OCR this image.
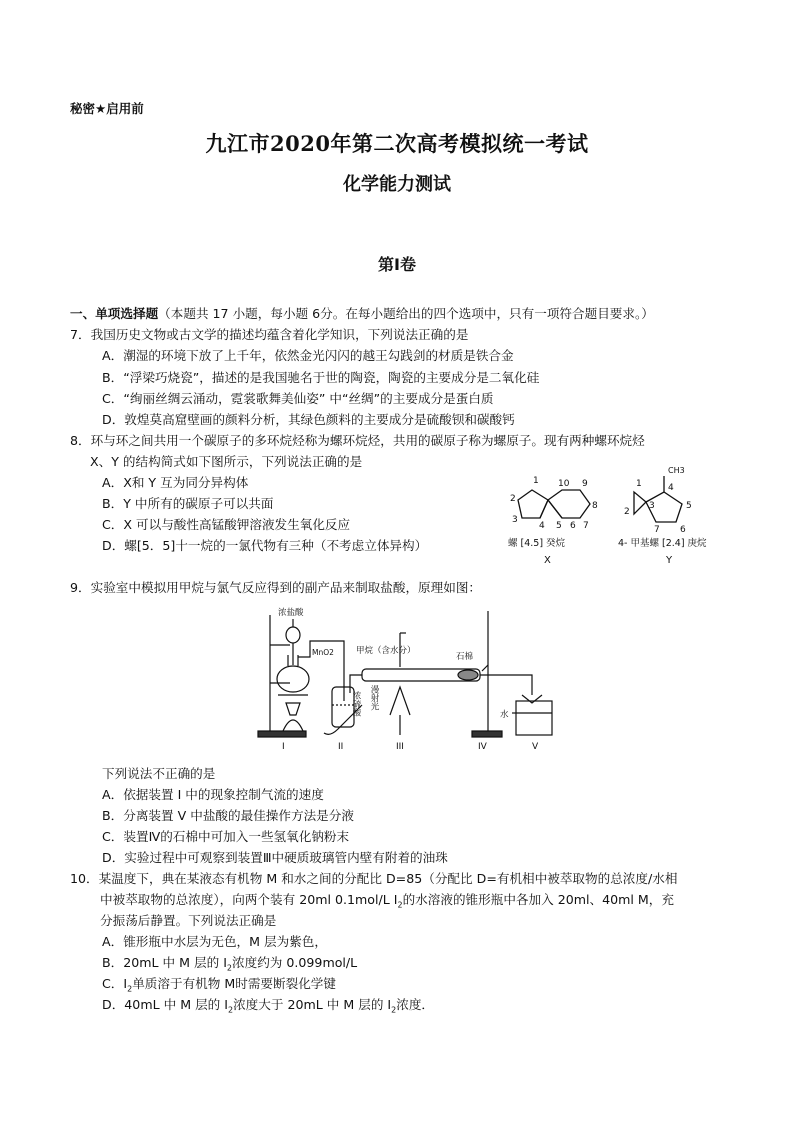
秘密★启用前
九江市2020年第二次高考模拟统一考试
化学能力测试
第Ⅰ卷
一、单项选择题（本题共 17 小题，每小题 6分。在每小题给出的四个选项中，只有一项符合题目要求。）
7．我国历史文物或古文学的描述均蕴含着化学知识，下列说法正确的是
A．潮湿的环境下放了上千年，依然金光闪闪的越王勾践剑的材质是铁合金
B．“浮梁巧烧瓷”，描述的是我国驰名于世的陶瓷，陶瓷的主要成分是二氧化硅
C．“绚丽丝绸云涌动，霓裳歌舞美仙姿” 中“丝绸”的主要成分是蛋白质
D．敦煌莫高窟壁画的颜料分析，其绿色颜料的主要成分是硫酸钡和碳酸钙
8．环与环之间共用一个碳原子的多环烷烃称为螺环烷烃，共用的碳原子称为螺原子。现有两种螺环烷烃
X、Y 的结构简式如下图所示，下列说法正确的是
A．X和 Y 互为同分异构体
B．Y 中所有的碳原子可以共面
C．X 可以与酸性高锰酸钾溶液发生氧化反应
D．螺[5．5]十一烷的一氯代物有三种（不考虑立体异构）
1
2
3
4 5 6 7
8
9
10
螺 [4.5] 癸烷
X
CH3
1
2
3
4
5
6
7
4- 甲基螺 [2.4] 庚烷
Y
9．实验室中模拟用甲烷与氯气反应得到的副产品来制取盐酸，原理如图：
浓盐酸
MnO2	甲烷（含水分）
石棉
水
浓硫酸 漫射光
I	II	III	IV	V
下列说法不正确的是
A．依据装置 I 中的现象控制气流的速度
B．分离装置 V 中盐酸的最佳操作方法是分液
C．装置Ⅳ的石棉中可加入一些氢氧化钠粉末
D．实验过程中可观察到装置Ⅲ中硬质玻璃管内壁有附着的油珠
10．某温度下，典在某液态有机物 M 和水之间的分配比 D=85（分配比 D=有机相中被萃取物的总浓度/水相
中被萃取物的总浓度），向两个装有 20ml 0.1mol/L $I_2$的水溶液的锥形瓶中各加入 20ml、40ml M，充
分振荡后静置。下列说法正确是
A．锥形瓶中水层为无色，M 层为紫色，
B．20mL 中 M 层的 $I_2$浓度约为 0.099mol/L
C．$I_2$单质溶于有机物 M时需要断裂化学键
D．40mL 中 M 层的 $I_2$浓度大于 20mL 中 M 层的 $I_2$浓度．
